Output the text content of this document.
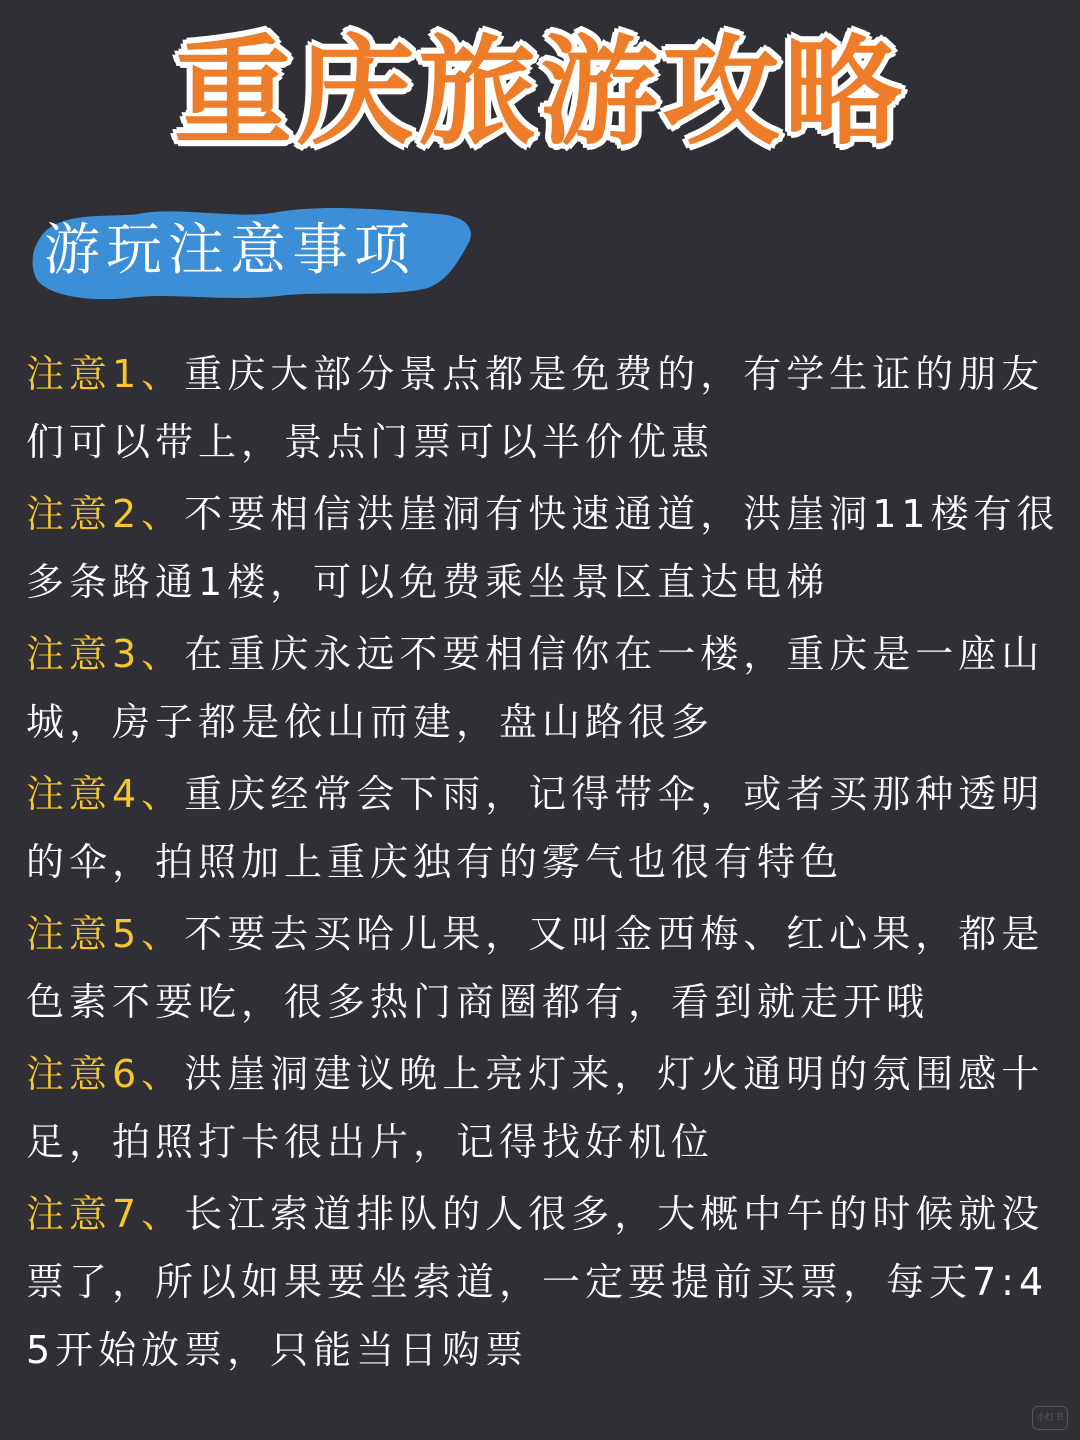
重庆旅游攻略
游玩注意事项
注意1、重庆大部分景点都是免费的，有学生证的朋友们可以带上，景点门票可以半价优惠
注意2、不要相信洪崖洞有快速通道，洪崖洞11楼有很多条路通1楼，可以免费乘坐景区直达电梯
注意3、在重庆永远不要相信你在一楼，重庆是一座山城，房子都是依山而建，盘山路很多
注意4、重庆经常会下雨，记得带伞，或者买那种透明的伞，拍照加上重庆独有的雾气也很有特色
注意5、不要去买哈儿果，又叫金西梅、红心果，都是色素不要吃，很多热门商圈都有，看到就走开哦
注意6、洪崖洞建议晚上亮灯来，灯火通明的氛围感十足，拍照打卡很出片，记得找好机位
注意7、长江索道排队的人很多，大概中午的时候就没票了，所以如果要坐索道，一定要提前买票，每天7:45开始放票，只能当日购票
小红书
